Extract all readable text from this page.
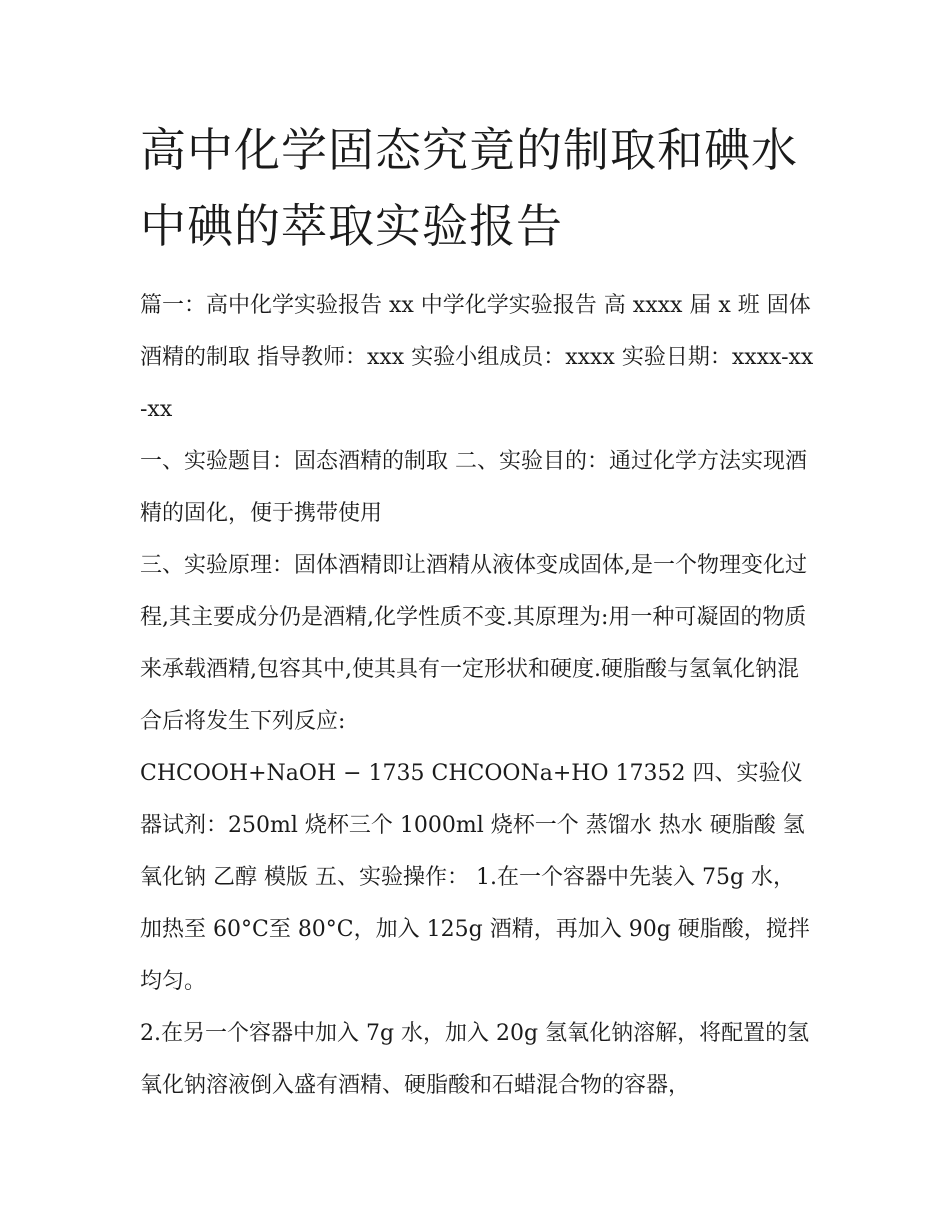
高中化学固态究竟的制取和碘水中碘的萃取实验报告

篇一：高中化学实验报告 xx 中学化学实验报告 高 xxxx 届 x 班 固体酒精的制取 指导教师：xxx 实验小组成员：xxxx 实验日期：xxxx-xx-xx

一、实验题目：固态酒精的制取 二、实验目的：通过化学方法实现酒精的固化，便于携带使用

三、实验原理：固体酒精即让酒精从液体变成固体,是一个物理变化过程,其主要成分仍是酒精,化学性质不变.其原理为:用一种可凝固的物质来承载酒精,包容其中,使其具有一定形状和硬度.硬脂酸与氢氧化钠混合后将发生下列反应:

CHCOOH+NaOH − 1735 CHCOONa+HO 17352 四、实验仪器试剂：250ml 烧杯三个 1000ml 烧杯一个 蒸馏水 热水 硬脂酸 氢氧化钠 乙醇 模版 五、实验操作： 1.在一个容器中先装入 75g 水，加热至 60°C至 80°C，加入 125g 酒精，再加入 90g 硬脂酸，搅拌均匀。

2.在另一个容器中加入 7g 水，加入 20g 氢氧化钠溶解，将配置的氢氧化钠溶液倒入盛有酒精、硬脂酸和石蜡混合物的容器，
